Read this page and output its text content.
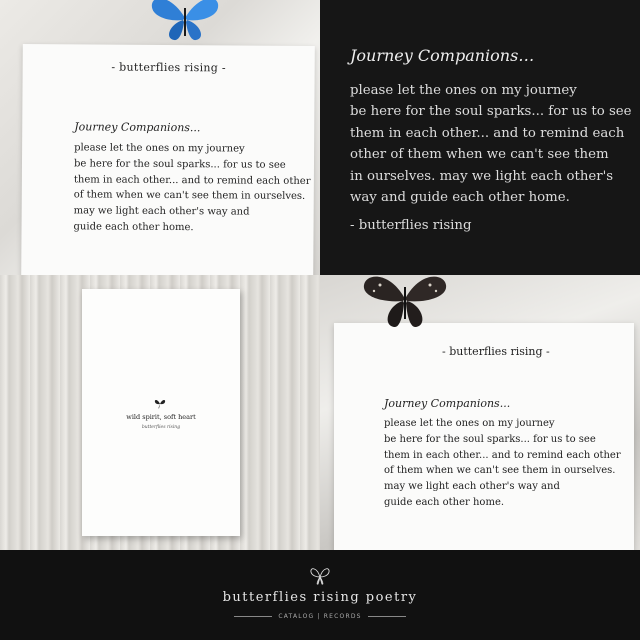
- butterflies rising -
Journey Companions...
please let the ones on my journey
be here for the soul sparks... for us to see
them in each other... and to remind each other
of them when we can't see them in ourselves.
may we light each other's way and
guide each other home.
Journey Companions…
please let the ones on my journey
be here for the soul sparks... for us to see
them in each other... and to remind each
other of them when we can't see them
in ourselves. may we light each other's
way and guide each other home.
- butterflies rising
wild spirit, soft heart
butterflies rising
- butterflies rising -
Journey Companions...
please let the ones on my journey
be here for the soul sparks... for us to see
them in each other... and to remind each other
of them when we can't see them in ourselves.
may we light each other's way and
guide each other home.
butterflies rising poetry
CATALOG | RECORDS
